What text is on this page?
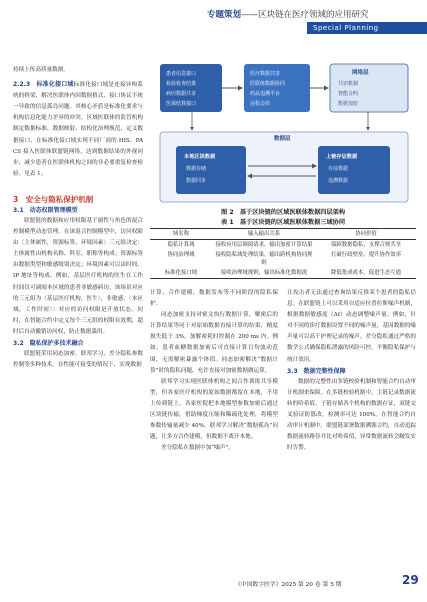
专题策划——区块链在医疗领域的应用研究
Special Planning
持续上传高质量数据。
2.2.3　标准化接口域标准化接口域是连接异构系统的桥梁，解决医联体内因数据格式、接口协议不统一导致的信息孤岛问题。其核心矛盾是标准化要求与机构信息化能力差异的冲突。区域医联体的监管机构制定数据标准、数据映射、结构化治理规范、定义数据接口，在标准化接口域实现不同厂商的 HIS、PACS 接入医联体联盟链网络，达到数据结果的外视同步，减少患者在医联体机构之间的非必要重复检查检验。见表 1。
3　安全与隐私保护机制
3.1　动态权限管理模型
联盟链的数据和应用权限基于属性与角色的混合控制模型动态管理。在该混合控制模型中，访问权限由〈主体属性，资源标签，环境因素〉三元组决定：主体属性由机构名称、科室、职称等构成；资源标签由数据类型和敏感级别决定；环境因素可以由时间、IP 地址等构成。例如，基层医疗机构的医生在工作时间仅可调阅本区域的患者非敏感病历。该场景对应的三元组为〈基层医疗机构，医生〉，非敏感，〈本区域，工作时间〉〉对应的访问权限是开放状态。同时，在智能合约中定义每个三元组的权限有效期，超时后自动撤销访问权，防止数据滥用。
3.2　隐私保护多技术融合
联盟链采用同态加密、联邦学习、差分隐私参数控制等多种技术，在性能可接受的情况下，实现数据
患者信息接口
检验检查结果
病历数据共享
医保结算接口
医疗数据共享
医联体数据协同
药品追溯平台
远程会诊
网络层
共识机制
智能合约
数据加密
数据层
本地区块数据
数据存储
数据同步
上链存证数据
存证数据
追溯数据
图 2　基于区块链的区域医联体数据四层架构
表 1　基于区块链的区域医联体数据三域协同
域名称	输入输出关系	协同价值
隐私计算域	接收应用层调阅请求，输出加密计算结果	保障数据隐私，支撑合规共享
协同治理域	接收隐私域处理结果，输出跨机构协同规则	打破行政壁垒，提升协作效率
标准化接口域	接收治理域规则，输出标准化数据流	降低集成成本，促进生态互通
计算、合作建模、数据发布等不同阶段的隐私保护。
同态加密支持对密文执行数据计算，解密后的计算结果等同于对原始数据直接计算的结果，精度损失低于 3%，加解密耗时控制在 200 ms 内。例如，患者血糖数据加密后可直接计算日均波动范围，无需解密暴露个体值。同态加密解决“数据计算”时的隐私问题，允许直接对加密数据做运算。
联邦学习实现医联体机构之间合作训练共享模型，但各家医疗机构的原始数据都留在本地，不用上传到链上。各家医院把本地模型参数加密后通过区块链传输，借助梯度压缩和稀疏化处理，将模型参数传输量减少 40%。联邦学习解决“数据孤岛”问题，让多方合作建模，但数据不离开本地。
差分隐私在数据中加“噪声”，
让攻击者无法通过查询结果反推某个患者的隐私信息。在联盟链上可以采用自适应拉普拉斯噪声机制，根据数据敏感度（Δf）动态调整噪声量。例如，针对不同的诊疗数据设置不同的噪声量，基因数据的噪声量可以高于护理记录的噪声。差分隐私通过严格的数学公式确保隐私泄露的风险可控，平衡隐私保护与统计效用。
3.3　数据完整性保障
数据的完整性由多链校验机制和智能合约自动审计机制来保障。在多链校验机制中，主链记录数据流转的哈希值，子链存储各个机构的数据存证，双链交叉验证防篡改，检测率可达 100%。在智能合约自动审计机制中，联盟链部署数据溯源合约，自动追踪数据流转路径并比对哈希值，异常数据流转会触发实时告警。
《中国数字医学》2025 第 20 卷 第 5 期	29
